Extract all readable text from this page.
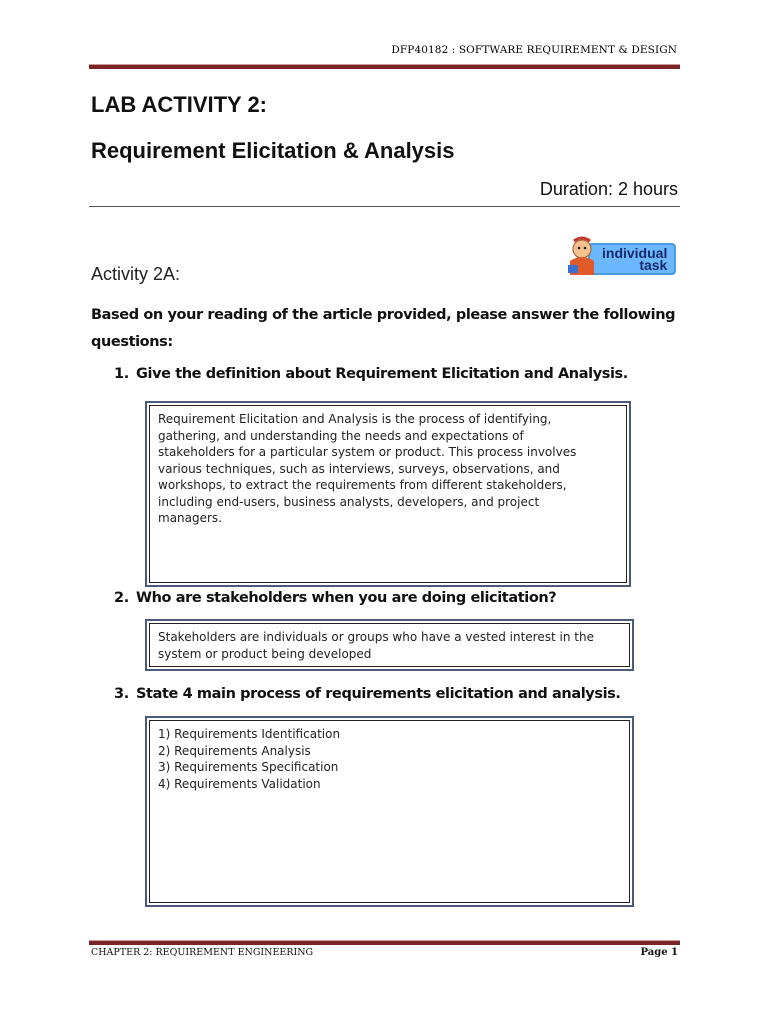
DFP40182 : SOFTWARE REQUIREMENT & DESIGN
LAB ACTIVITY 2:
Requirement Elicitation & Analysis
Duration: 2 hours
Activity 2A:
individual
task
Based on your reading of the article provided, please answer the following questions:
1. Give the definition about Requirement Elicitation and Analysis.
Requirement Elicitation and Analysis is the process of identifying,
gathering, and understanding the needs and expectations of
stakeholders for a particular system or product. This process involves
various techniques, such as interviews, surveys, observations, and
workshops, to extract the requirements from different stakeholders,
including end-users, business analysts, developers, and project
managers.
2. Who are stakeholders when you are doing elicitation?
Stakeholders are individuals or groups who have a vested interest in the
system or product being developed
3. State 4 main process of requirements elicitation and analysis.
1) Requirements Identification
2) Requirements Analysis
3) Requirements Specification
4) Requirements Validation
CHAPTER 2: REQUIREMENT ENGINEERING	Page 1
